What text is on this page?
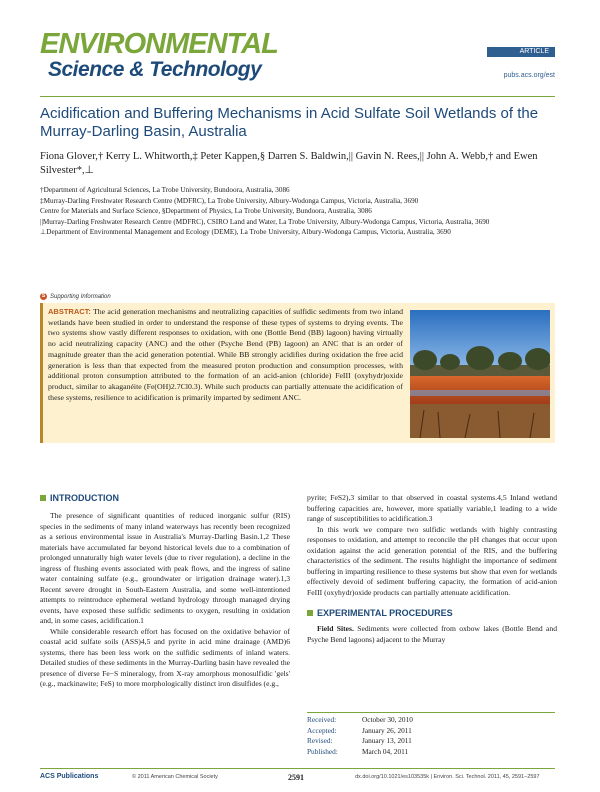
ENVIRONMENTAL
Science & Technology
ARTICLE
pubs.acs.org/est
Acidification and Buffering Mechanisms in Acid Sulfate Soil Wetlands of the Murray-Darling Basin, Australia
Fiona Glover,† Kerry L. Whitworth,‡ Peter Kappen,§ Darren S. Baldwin,|| Gavin N. Rees,|| John A. Webb,† and Ewen Silvester*,⊥
†Department of Agricultural Sciences, La Trobe University, Bundoora, Australia, 3086
‡Murray-Darling Freshwater Research Centre (MDFRC), La Trobe University, Albury-Wodonga Campus, Victoria, Australia, 3690
Centre for Materials and Surface Science, §Department of Physics, La Trobe University, Bundoora, Australia, 3086
||Murray-Darling Freshwater Research Centre (MDFRC), CSIRO Land and Water, La Trobe University, Albury-Wodonga Campus, Victoria, Australia, 3690
⊥Department of Environmental Management and Ecology (DEME), La Trobe University, Albury-Wodonga Campus, Victoria, Australia, 3690
S Supporting Information
ABSTRACT: The acid generation mechanisms and neutralizing capacities of sulfidic sediments from two inland wetlands have been studied in order to understand the response of these types of systems to drying events. The two systems show vastly different responses to oxidation, with one (Bottle Bend (BB) lagoon) having virtually no acid neutralizing capacity (ANC) and the other (Psyche Bend (PB) lagoon) an ANC that is an order of magnitude greater than the acid generation potential. While BB strongly acidifies during oxidation the free acid generation is less than that expected from the measured proton production and consumption processes, with additional proton consumption attributed to the formation of an acid-anion (chloride) FeIII (oxyhydr)oxide product, similar to akaganéite (Fe(OH)2.7Cl0.3). While such products can partially attenuate the acidification of these systems, resilience to acidification is primarily imparted by sediment ANC.
INTRODUCTION

The presence of significant quantities of reduced inorganic sulfur (RIS) species in the sediments of many inland waterways has recently been recognized as a serious environmental issue in Australia's Murray-Darling Basin.1,2 These materials have accumulated far beyond historical levels due to a combination of prolonged unnaturally high water levels (due to river regulation), a decline in the ingress of flushing events associated with peak flows, and the ingress of saline water containing sulfate (e.g., groundwater or irrigation drainage water).1,3 Recent severe drought in South-Eastern Australia, and some well-intentioned attempts to reintroduce ephemeral wetland hydrology through managed drying events, have exposed these sulfidic sediments to oxygen, resulting in oxidation and, in some cases, acidification.1

While considerable research effort has focused on the oxidative behavior of coastal acid sulfate soils (ASS)4,5 and pyrite in acid mine drainage (AMD)6 systems, there has been less work on the sulfidic sediments of inland waters. Detailed studies of these sediments in the Murray-Darling basin have revealed the presence of diverse Fe−S mineralogy, from X-ray amorphous monosulfidic 'gels' (e.g., mackinawite; FeS) to more morphologically distinct iron disulfides (e.g.,

pyrite; FeS2),3 similar to that observed in coastal systems.4,5 Inland wetland buffering capacities are, however, more spatially variable,1 leading to a wide range of susceptibilities to acidification.3

In this work we compare two sulfidic wetlands with highly contrasting responses to oxidation, and attempt to reconcile the pH changes that occur upon oxidation against the acid generation potential of the RIS, and the buffering characteristics of the sediment. The results highlight the importance of sediment buffering in imparting resilience to these systems but show that even for wetlands effectively devoid of sediment buffering capacity, the formation of acid-anion FeIII (oxyhydr)oxide products can partially attenuate acidification.

EXPERIMENTAL PROCEDURES

Field Sites. Sediments were collected from oxbow lakes (Bottle Bend and Psyche Bend lagoons) adjacent to the Murray

Received:	October 30, 2010
Accepted:	January 26, 2011
Revised:	January 13, 2011
Published:	March 04, 2011
ACS Publications	© 2011 American Chemical Society	2591	dx.doi.org/10.1021/es103535k | Environ. Sci. Technol. 2011, 45, 2591−2597
